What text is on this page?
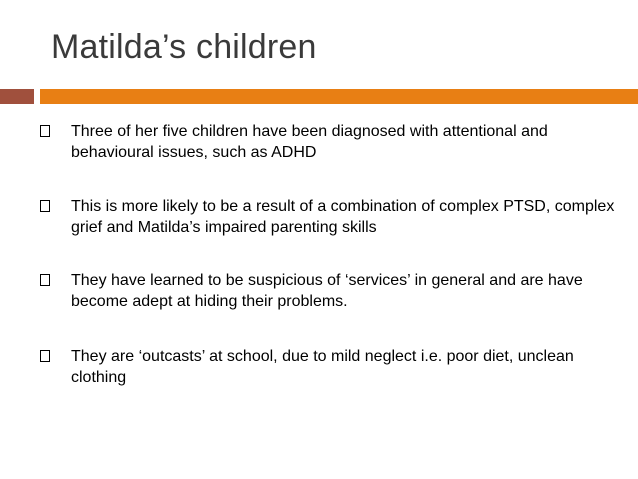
Matilda’s children
Three of her five children have been diagnosed with attentional and behavioural issues, such as ADHD
This is more likely to be a result of a combination of complex PTSD, complex grief and Matilda’s impaired parenting skills
They have learned to be suspicious of ‘services’ in general and are have become adept at hiding their problems.
They are ‘outcasts’ at school, due to mild neglect i.e. poor diet, unclean clothing
